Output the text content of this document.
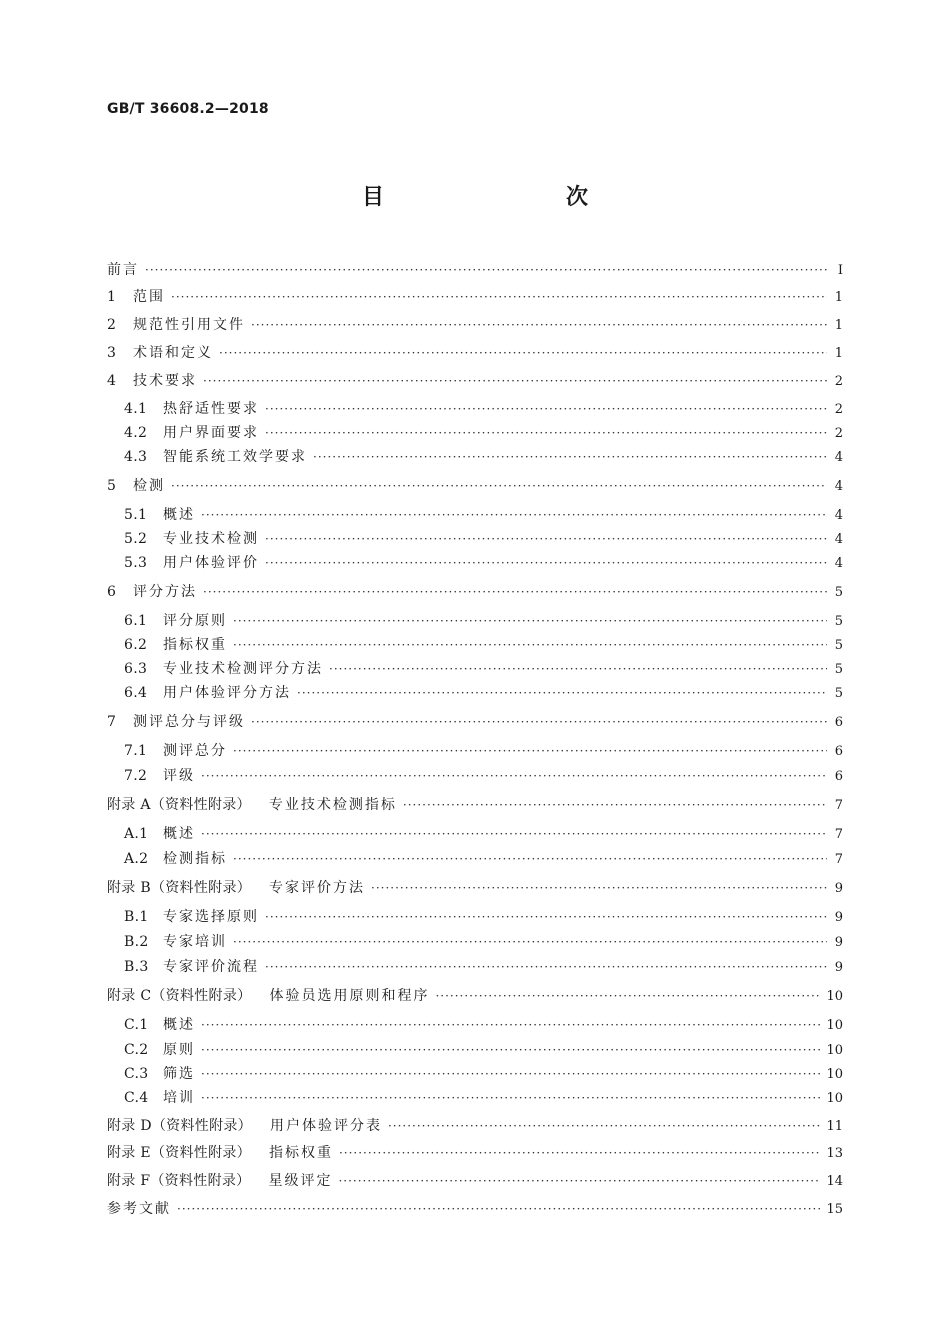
GB/T 36608.2—2018
目　　次
前言 ·····	Ⅰ
1	范围 ·····	1
2	规范性引用文件 ·····	1
3	术语和定义 ·····	1
4	技术要求 ·····	2
4.1	热舒适性要求 ·····	2
4.2	用户界面要求 ·····	2
4.3	智能系统工效学要求 ·····	4
5	检测 ·····	4
5.1	概述 ·····	4
5.2	专业技术检测 ·····	4
5.3	用户体验评价 ·····	4
6	评分方法 ·····	5
6.1	评分原则 ·····	5
6.2	指标权重 ·····	5
6.3	专业技术检测评分方法 ·····	5
6.4	用户体验评分方法 ·····	5
7	测评总分与评级 ·····	6
7.1	测评总分 ·····	6
7.2	评级 ·····	6
附录 A（资料性附录） 专业技术检测指标 ·····	7
A.1	概述 ·····	7
A.2	检测指标 ·····	7
附录 B（资料性附录） 专家评价方法 ·····	9
B.1	专家选择原则 ·····	9
B.2	专家培训 ·····	9
B.3	专家评价流程 ·····	9
附录 C（资料性附录） 体验员选用原则和程序 ·····	10
C.1	概述 ·····	10
C.2	原则 ·····	10
C.3	筛选 ·····	10
C.4	培训 ·····	10
附录 D（资料性附录） 用户体验评分表 ·····	11
附录 E（资料性附录） 指标权重 ·····	13
附录 F（资料性附录） 星级评定 ·····	14
参考文献 ·····	15
